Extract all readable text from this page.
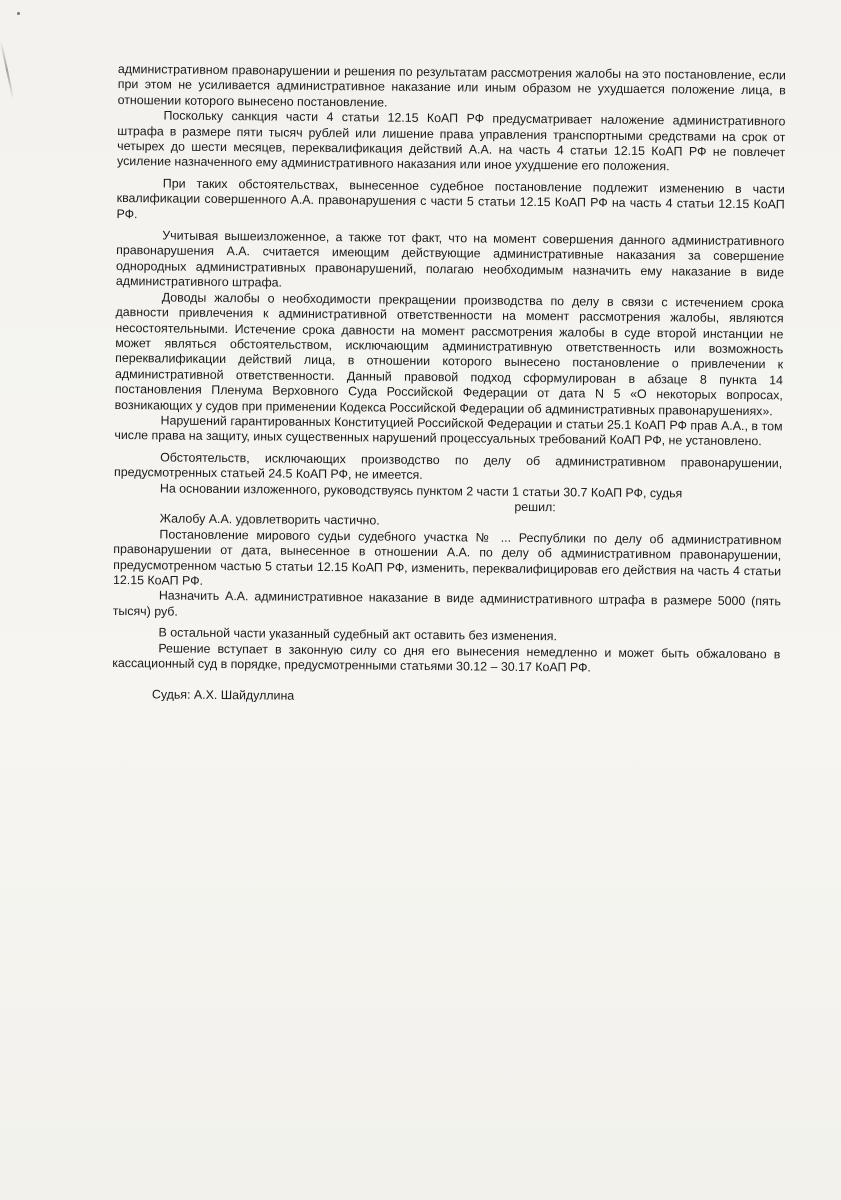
административном правонарушении и решения по результатам рассмотрения жалобы на это постановление, если при этом не усиливается административное наказание или иным образом не ухудшается положение лица, в отношении которого вынесено постановление.

Поскольку санкция части 4 статьи 12.15 КоАП РФ предусматривает наложение административного штрафа в размере пяти тысяч рублей или лишение права управления транспортными средствами на срок от четырех до шести месяцев, переквалификация действий А.А. на часть 4 статьи 12.15 КоАП РФ не повлечет усиление назначенного ему административного наказания или иное ухудшение его положения.

При таких обстоятельствах, вынесенное судебное постановление подлежит изменению в части квалификации совершенного А.А. правонарушения с части 5 статьи 12.15 КоАП РФ на часть 4 статьи 12.15 КоАП РФ.

Учитывая вышеизложенное, а также тот факт, что на момент совершения данного административного правонарушения А.А. считается имеющим действующие административные наказания за совершение однородных административных правонарушений, полагаю необходимым назначить ему наказание в виде административного штрафа.

Доводы жалобы о необходимости прекращении производства по делу в связи с истечением срока давности привлечения к административной ответственности на момент рассмотрения жалобы, являются несостоятельными. Истечение срока давности на момент рассмотрения жалобы в суде второй инстанции не может являться обстоятельством, исключающим административную ответственность или возможность переквалификации действий лица, в отношении которого вынесено постановление о привлечении к административной ответственности. Данный правовой подход сформулирован в абзаце 8 пункта 14 постановления Пленума Верховного Суда Российской Федерации от дата N 5 «О некоторых вопросах, возникающих у судов при применении Кодекса Российской Федерации об административных правонарушениях».

Нарушений гарантированных Конституцией Российской Федерации и статьи 25.1 КоАП РФ прав А.А., в том числе права на защиту, иных существенных нарушений процессуальных требований КоАП РФ, не установлено.

Обстоятельств, исключающих производство по делу об административном правонарушении, предусмотренных статьей 24.5 КоАП РФ, не имеется.

На основании изложенного, руководствуясь пунктом 2 части 1 статьи 30.7 КоАП РФ, судья

решил:

Жалобу А.А. удовлетворить частично.

Постановление мирового судьи судебного участка № ... Республики по делу об административном правонарушении от дата, вынесенное в отношении А.А. по делу об административном правонарушении, предусмотренном частью 5 статьи 12.15 КоАП РФ, изменить, переквалифицировав его действия на часть 4 статьи 12.15 КоАП РФ.

Назначить А.А. административное наказание в виде административного штрафа в размере 5000 (пять тысяч) руб.

В остальной части указанный судебный акт оставить без изменения.

Решение вступает в законную силу со дня его вынесения немедленно и может быть обжаловано в кассационный суд в порядке, предусмотренными статьями 30.12 – 30.17 КоАП РФ.

Судья: А.Х. Шайдуллина
